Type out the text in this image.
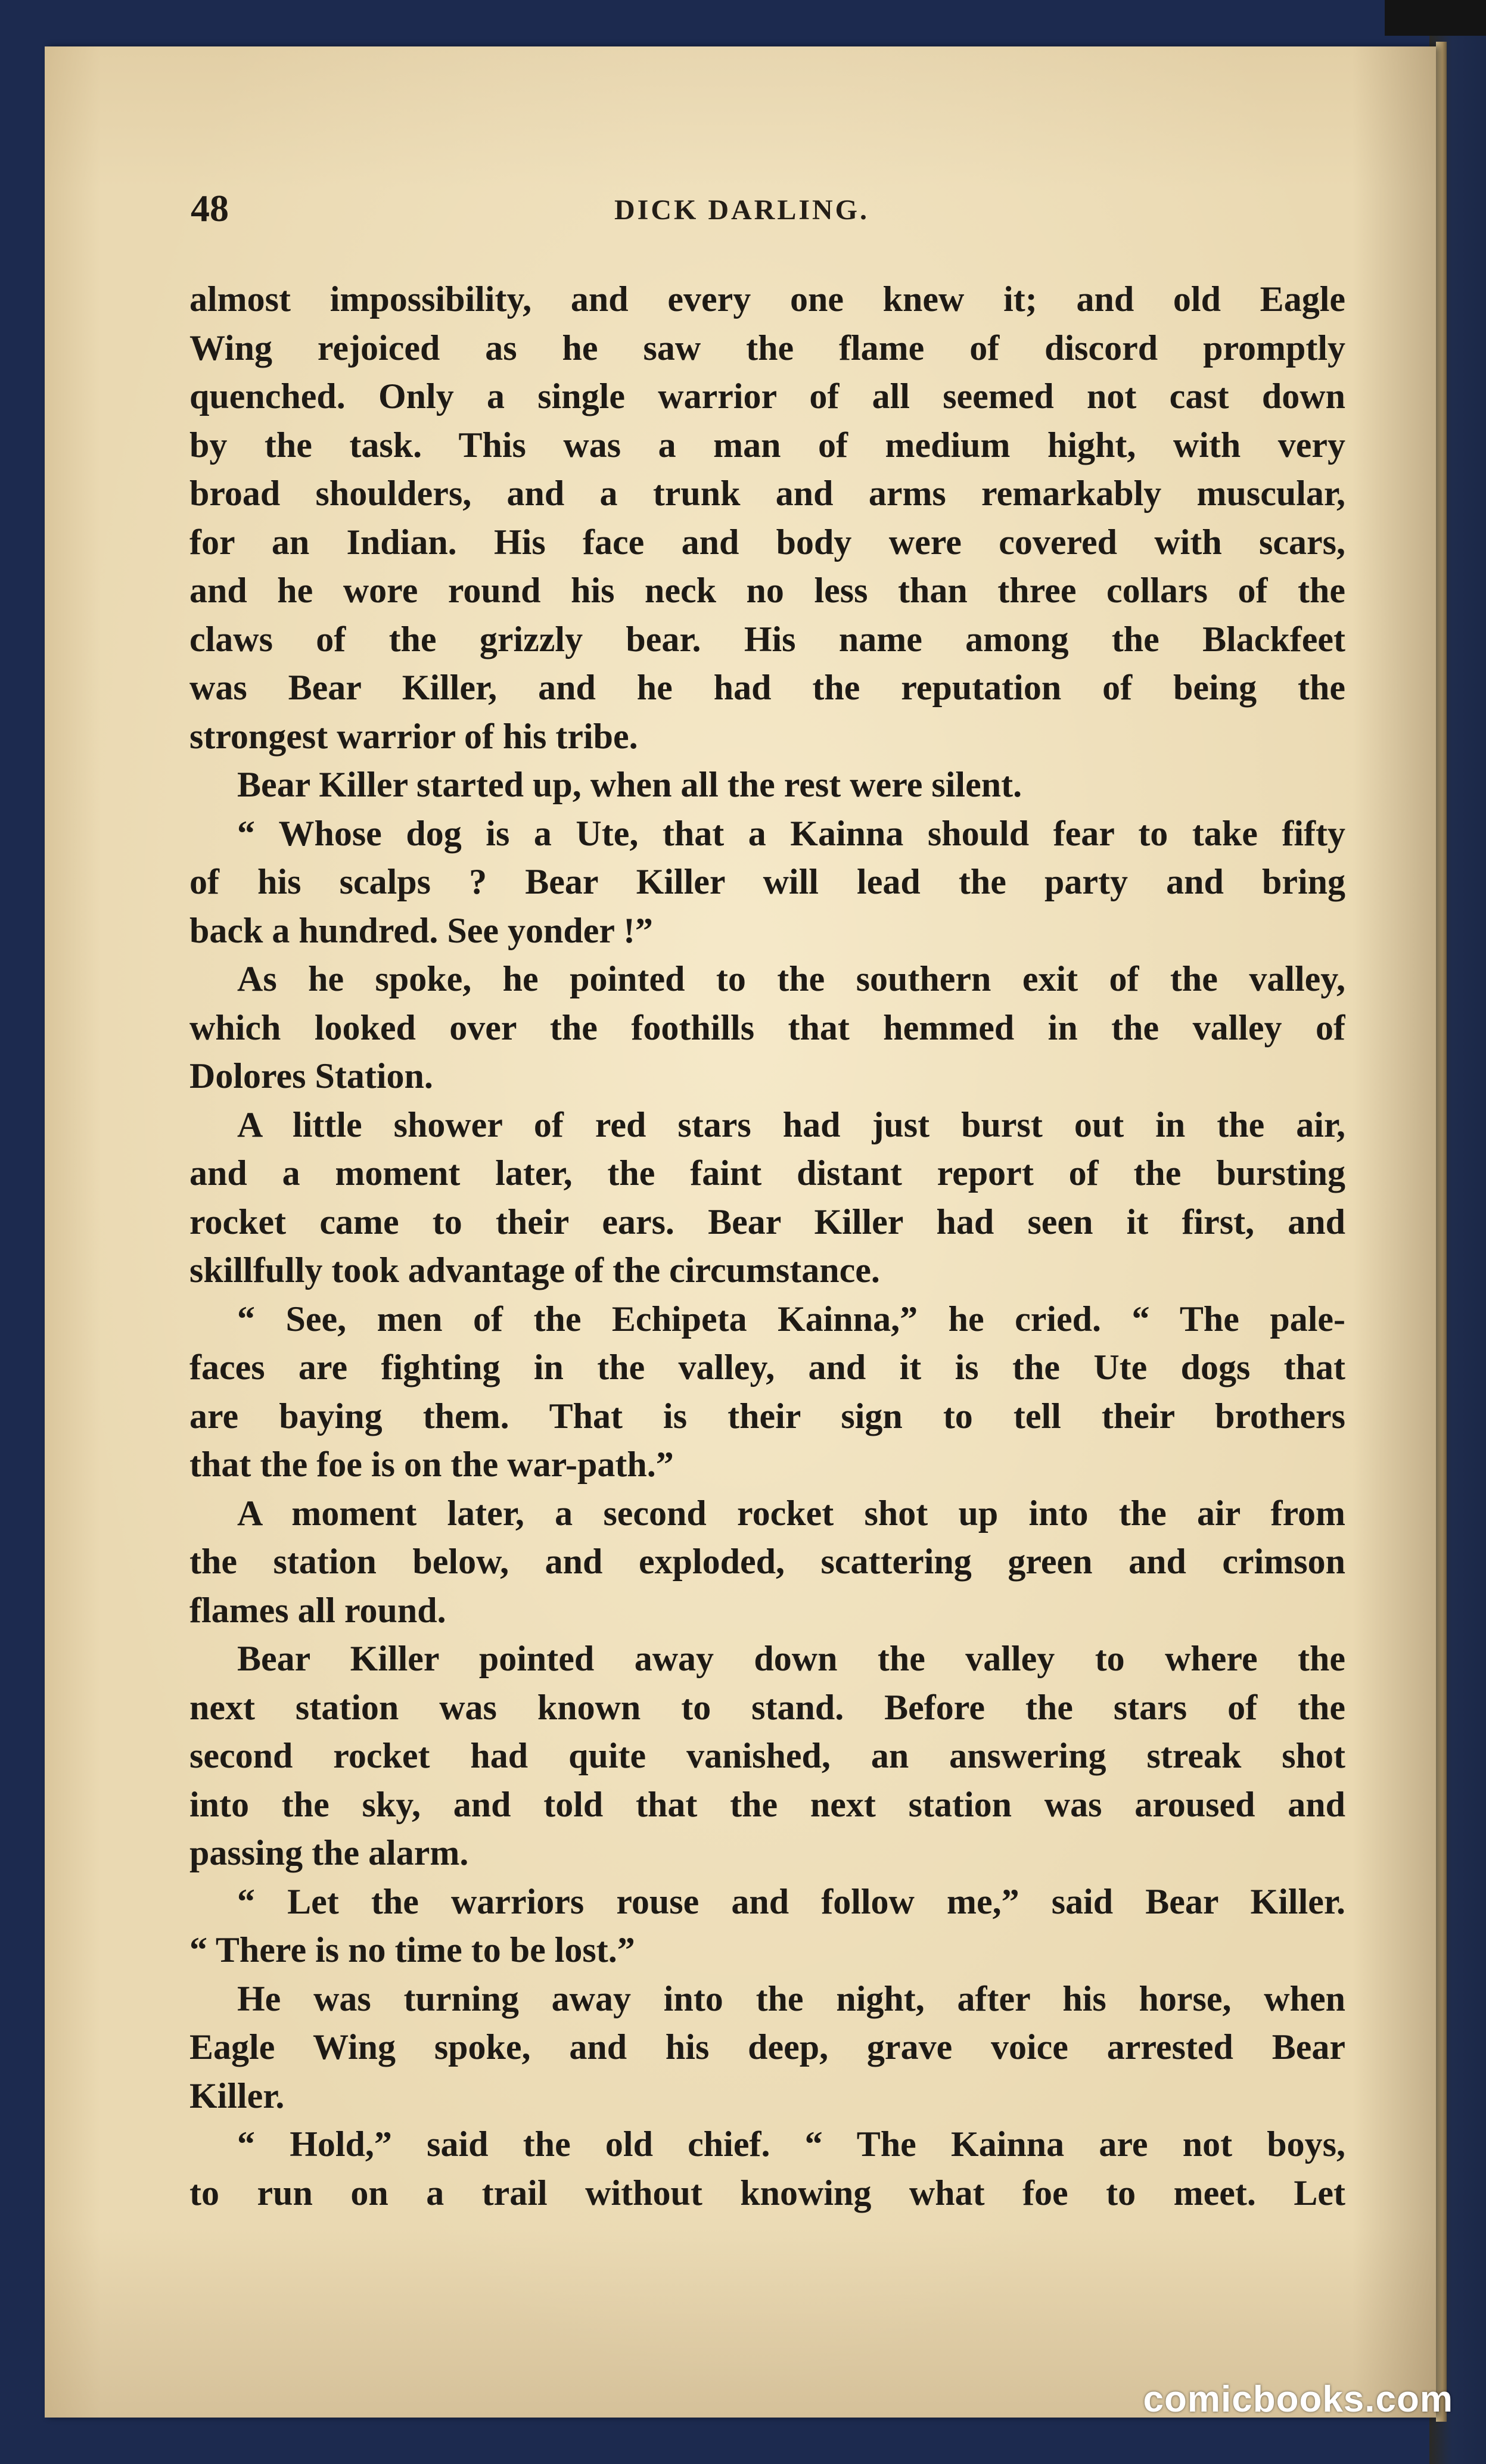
48	DICK DARLING.
almost impossibility, and every one knew it; and old Eagle
Wing rejoiced as he saw the flame of discord promptly
quenched. Only a single warrior of all seemed not cast down
by the task. This was a man of medium hight, with very
broad shoulders, and a trunk and arms remarkably muscular,
for an Indian. His face and body were covered with scars,
and he wore round his neck no less than three collars of the
claws of the grizzly bear. His name among the Blackfeet
was Bear Killer, and he had the reputation of being the
strongest warrior of his tribe.
Bear Killer started up, when all the rest were silent.
“ Whose dog is a Ute, that a Kainna should fear to take fifty
of his scalps ? Bear Killer will lead the party and bring
back a hundred. See yonder !”
As he spoke, he pointed to the southern exit of the valley,
which looked over the foothills that hemmed in the valley of
Dolores Station.
A little shower of red stars had just burst out in the air,
and a moment later, the faint distant report of the bursting
rocket came to their ears. Bear Killer had seen it first, and
skillfully took advantage of the circumstance.
“ See, men of the Echipeta Kainna,” he cried. “ The pale-
faces are fighting in the valley, and it is the Ute dogs that
are baying them. That is their sign to tell their brothers
that the foe is on the war-path.”
A moment later, a second rocket shot up into the air from
the station below, and exploded, scattering green and crimson
flames all round.
Bear Killer pointed away down the valley to where the
next station was known to stand. Before the stars of the
second rocket had quite vanished, an answering streak shot
into the sky, and told that the next station was aroused and
passing the alarm.
“ Let the warriors rouse and follow me,” said Bear Killer.
“ There is no time to be lost.”
He was turning away into the night, after his horse, when
Eagle Wing spoke, and his deep, grave voice arrested Bear
Killer.
“ Hold,” said the old chief. “ The Kainna are not boys,
to run on a trail without knowing what foe to meet. Let
comicbooks.com
